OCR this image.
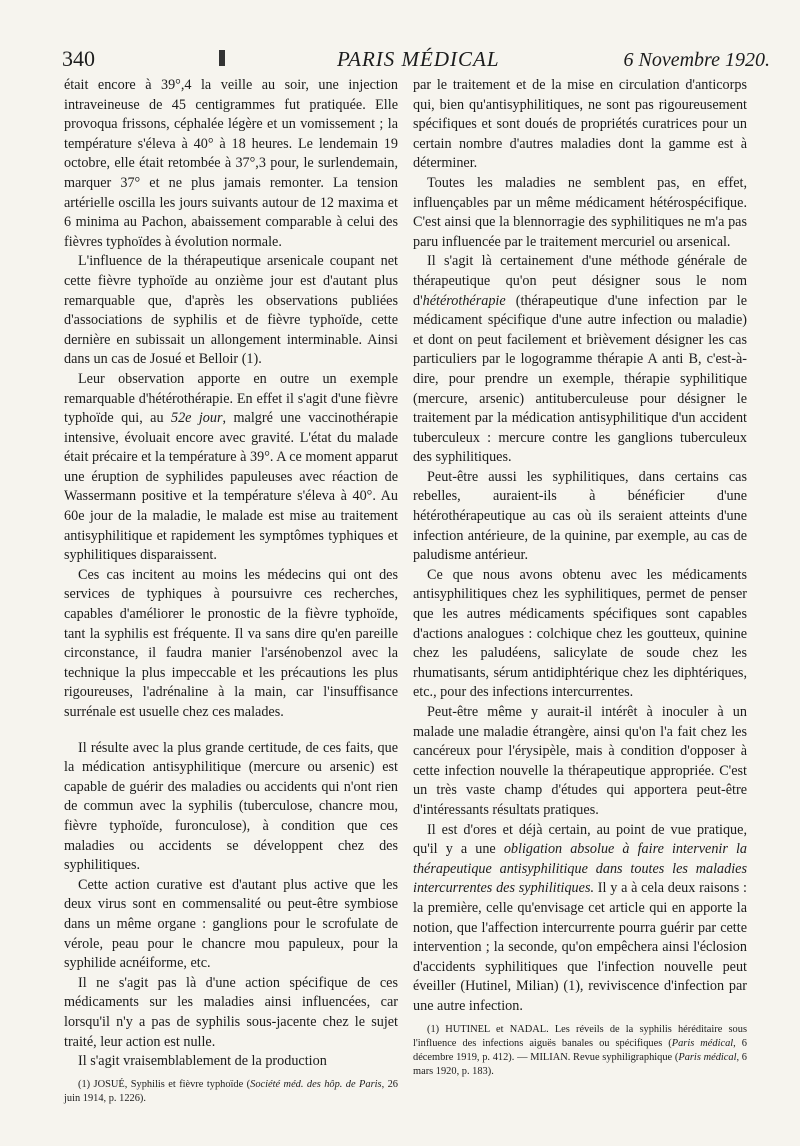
340	PARIS MÉDICAL	6 Novembre 1920.

était encore à 39°,4 la veille au soir, une injection intraveineuse de 45 centigrammes fut pratiquée. Elle provoqua frissons, céphalée légère et un vomissement ; la température s'éleva à 40° à 18 heures. Le lendemain 19 octobre, elle était retombée à 37°,3 pour, le surlendemain, marquer 37° et ne plus jamais remonter. La tension artérielle oscilla les jours suivants autour de 12 maxima et 6 minima au Pachon, abaissement comparable à celui des fièvres typhoïdes à évolution normale.

L'influence de la thérapeutique arsenicale coupant net cette fièvre typhoïde au onzième jour est d'autant plus remarquable que, d'après les observations publiées d'associations de syphilis et de fièvre typhoïde, cette dernière en subissait un allongement interminable. Ainsi dans un cas de Josué et Belloir (1).

Leur observation apporte en outre un exemple remarquable d'hétérothérapie. En effet il s'agit d'une fièvre typhoïde qui, au 52e jour, malgré une vaccinothérapie intensive, évoluait encore avec gravité. L'état du malade était précaire et la température à 39°. A ce moment apparut une éruption de syphilides papuleuses avec réaction de Wassermann positive et la température s'éleva à 40°. Au 60e jour de la maladie, le malade est mise au traitement antisyphilitique et rapidement les symptômes typhiques et syphilitiques disparaissent.

Ces cas incitent au moins les médecins qui ont des services de typhiques à poursuivre ces recherches, capables d'améliorer le pronostic de la fièvre typhoïde, tant la syphilis est fréquente. Il va sans dire qu'en pareille circonstance, il faudra manier l'arsénobenzol avec la technique la plus impeccable et les précautions les plus rigoureuses, l'adrénaline à la main, car l'insuffisance surrénale est usuelle chez ces malades.

Il résulte avec la plus grande certitude, de ces faits, que la médication antisyphilitique (mercure ou arsenic) est capable de guérir des maladies ou accidents qui n'ont rien de commun avec la syphilis (tuberculose, chancre mou, fièvre typhoïde, furonculose), à condition que ces maladies ou accidents se développent chez des syphilitiques.

Cette action curative est d'autant plus active que les deux virus sont en commensalité ou peut-être symbiose dans un même organe : ganglions pour le scrofulate de vérole, peau pour le chancre mou papuleux, pour la syphilide acnéiforme, etc.

Il ne s'agit pas là d'une action spécifique de ces médicaments sur les maladies ainsi influencées, car lorsqu'il n'y a pas de syphilis sous-jacente chez le sujet traité, leur action est nulle.

Il s'agit vraisemblablement de la production

(1) JOSUÉ, Syphilis et fièvre typhoïde (Société méd. des hôp. de Paris, 26 juin 1914, p. 1226).

par le traitement et de la mise en circulation d'anticorps qui, bien qu'antisyphilitiques, ne sont pas rigoureusement spécifiques et sont doués de propriétés curatrices pour un certain nombre d'autres maladies dont la gamme est à déterminer.

Toutes les maladies ne semblent pas, en effet, influençables par un même médicament hétérospécifique. C'est ainsi que la blennorragie des syphilitiques ne m'a pas paru influencée par le traitement mercuriel ou arsenical.

Il s'agit là certainement d'une méthode générale de thérapeutique qu'on peut désigner sous le nom d'hétérothérapie (thérapeutique d'une infection par le médicament spécifique d'une autre infection ou maladie) et dont on peut facilement et brièvement désigner les cas particuliers par le logogramme thérapie A anti B, c'est-à-dire, pour prendre un exemple, thérapie syphilitique (mercure, arsenic) antituberculeuse pour désigner le traitement par la médication antisyphilitique d'un accident tuberculeux : mercure contre les ganglions tuberculeux des syphilitiques.

Peut-être aussi les syphilitiques, dans certains cas rebelles, auraient-ils à bénéficier d'une hétérothérapeutique au cas où ils seraient atteints d'une infection antérieure, de la quinine, par exemple, au cas de paludisme antérieur.

Ce que nous avons obtenu avec les médicaments antisyphilitiques chez les syphilitiques, permet de penser que les autres médicaments spécifiques sont capables d'actions analogues : colchique chez les goutteux, quinine chez les paludéens, salicylate de soude chez les rhumatisants, sérum antidiphtérique chez les diphtériques, etc., pour des infections intercurrentes.

Peut-être même y aurait-il intérêt à inoculer à un malade une maladie étrangère, ainsi qu'on l'a fait chez les cancéreux pour l'érysipèle, mais à condition d'opposer à cette infection nouvelle la thérapeutique appropriée. C'est un très vaste champ d'études qui apportera peut-être d'intéressants résultats pratiques.

Il est d'ores et déjà certain, au point de vue pratique, qu'il y a une obligation absolue à faire intervenir la thérapeutique antisyphilitique dans toutes les maladies intercurrentes des syphilitiques. Il y a à cela deux raisons : la première, celle qu'envisage cet article qui en apporte la notion, que l'affection intercurrente pourra guérir par cette intervention ; la seconde, qu'on empêchera ainsi l'éclosion d'accidents syphilitiques que l'infection nouvelle peut éveiller (Hutinel, Milian) (1), reviviscence d'infection par une autre infection.

(1) HUTINEL et NADAL. Les réveils de la syphilis héréditaire sous l'influence des infections aiguës banales ou spécifiques (Paris médical, 6 décembre 1919, p. 412). — MILIAN. Revue syphiligraphique (Paris médical, 6 mars 1920, p. 183).
